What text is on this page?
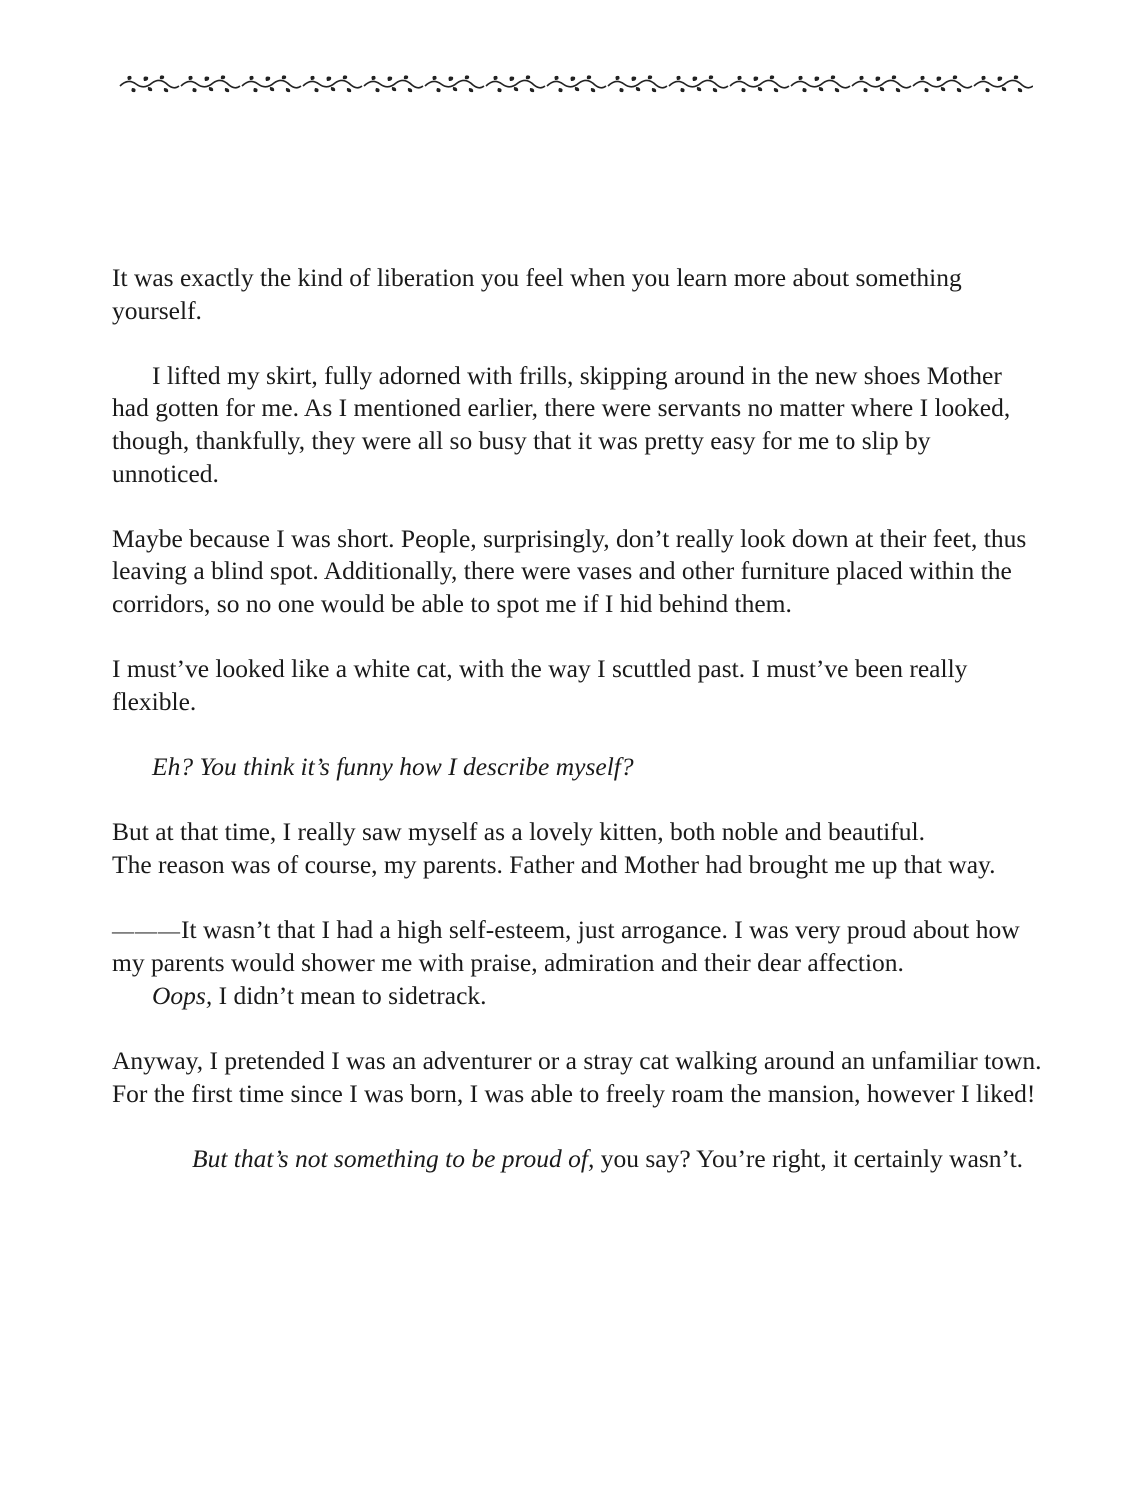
It was exactly the kind of liberation you feel when you learn more about something yourself.

I lifted my skirt, fully adorned with frills, skipping around in the new shoes Mother had gotten for me. As I mentioned earlier, there were servants no matter where I looked, though, thankfully, they were all so busy that it was pretty easy for me to slip by unnoticed.

Maybe because I was short. People, surprisingly, don’t really look down at their feet, thus leaving a blind spot. Additionally, there were vases and other furniture placed within the corridors, so no one would be able to spot me if I hid behind them.

I must’ve looked like a white cat, with the way I scuttled past. I must’ve been really flexible.

Eh? You think it’s funny how I describe myself?

But at that time, I really saw myself as a lovely kitten, both noble and beautiful.

The reason was of course, my parents. Father and Mother had brought me up that way.

———It wasn’t that I had a high self-esteem, just arrogance. I was very proud about how my parents would shower me with praise, admiration and their dear affection.

Oops, I didn’t mean to sidetrack.

Anyway, I pretended I was an adventurer or a stray cat walking around an unfamiliar town. For the first time since I was born, I was able to freely roam the mansion, however I liked!

But that’s not something to be proud of, you say? You’re right, it certainly wasn’t.
